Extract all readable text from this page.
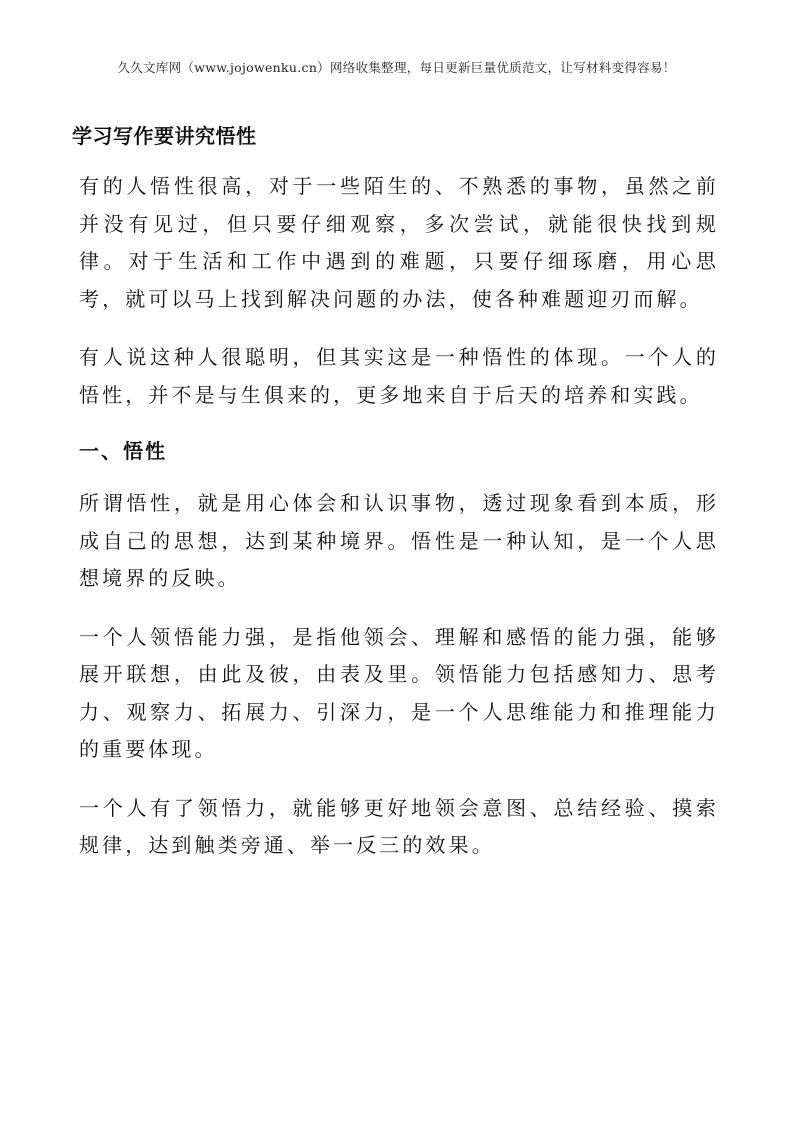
久久文库网（www.jojowenku.cn）网络收集整理，每日更新巨量优质范文，让写材料变得容易！
学习写作要讲究悟性

有的人悟性很高，对于一些陌生的、不熟悉的事物，虽然之前并没有见过，但只要仔细观察，多次尝试，就能很快找到规律。对于生活和工作中遇到的难题，只要仔细琢磨，用心思考，就可以马上找到解决问题的办法，使各种难题迎刃而解。

有人说这种人很聪明，但其实这是一种悟性的体现。一个人的悟性，并不是与生俱来的，更多地来自于后天的培养和实践。

一、悟性

所谓悟性，就是用心体会和认识事物，透过现象看到本质，形成自己的思想，达到某种境界。悟性是一种认知，是一个人思想境界的反映。

一个人领悟能力强，是指他领会、理解和感悟的能力强，能够展开联想，由此及彼，由表及里。领悟能力包括感知力、思考力、观察力、拓展力、引深力，是一个人思维能力和推理能力的重要体现。

一个人有了领悟力，就能够更好地领会意图、总结经验、摸索规律，达到触类旁通、举一反三的效果。
